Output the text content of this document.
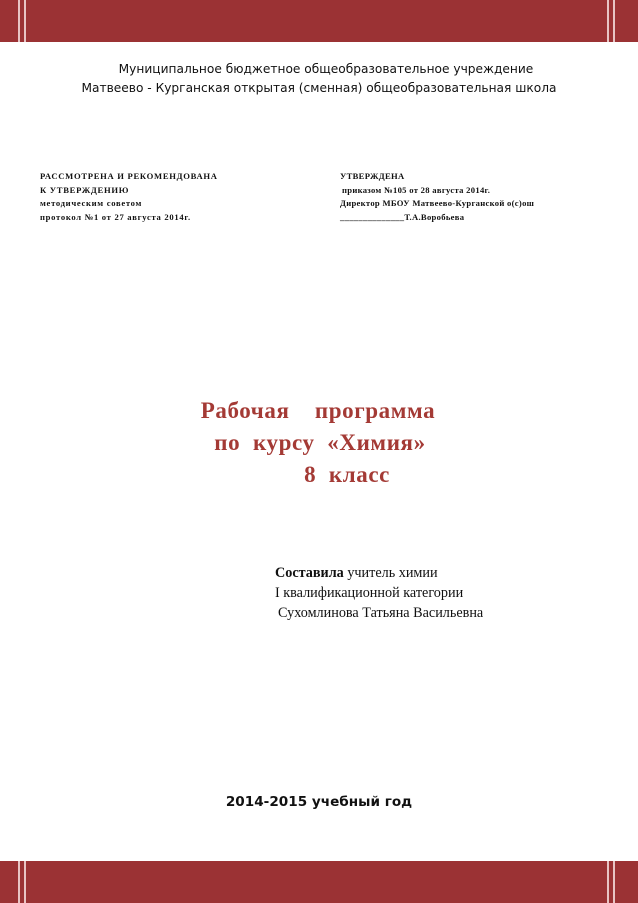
Муниципальное бюджетное общеобразовательное учреждение
Матвеево - Курганская открытая (сменная) общеобразовательная школа
РАССМОТРЕНА И РЕКОМЕНДОВАНА
К УТВЕРЖДЕНИЮ
методическим советом
протокол №1 от 27 августа 2014г.
УТВЕРЖДЕНА
приказом №105 от 28 августа 2014г.
Директор МБОУ Матвеево-Курганской о(с)ош
______________Т.А.Воробьева
Рабочая    программа
по  курсу  «Химия»
8  класс
Составила учитель химии
I квалификационной категории
Сухомлинова Татьяна Васильевна
2014-2015 учебный год
